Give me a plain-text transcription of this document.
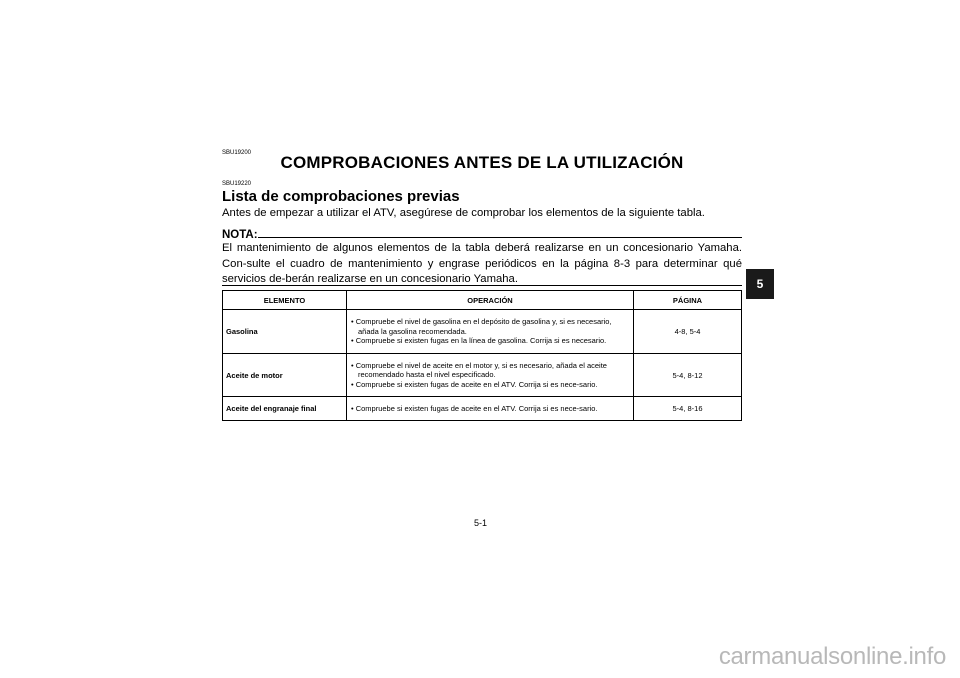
SBU19200	COMPROBACIONES ANTES DE LA UTILIZACIÓN
SBU19220
Lista de comprobaciones previas
Antes de empezar a utilizar el ATV, asegúrese de comprobar los elementos de la siguiente tabla.
NOTA:
El mantenimiento de algunos elementos de la tabla deberá realizarse en un concesionario Yamaha. Con-sulte el cuadro de mantenimiento y engrase periódicos en la página 8-3 para determinar qué servicios de-berán realizarse en un concesionario Yamaha.
ELEMENTO	OPERACIÓN	PÁGINA
Gasolina	• Compruebe el nivel de gasolina en el depósito de gasolina y, si es necesario, añada la gasolina recomendada.
• Compruebe si existen fugas en la línea de gasolina. Corrija si es necesario.	4-8, 5-4
Aceite de motor	• Compruebe el nivel de aceite en el motor y, si es necesario, añada el aceite recomendado hasta el nivel especificado.
• Compruebe si existen fugas de aceite en el ATV. Corrija si es nece-sario.	5-4, 8-12
Aceite del engranaje final	• Compruebe si existen fugas de aceite en el ATV. Corrija si es nece-sario.	5-4, 8-16
5-1
5
carmanualsonline.info
